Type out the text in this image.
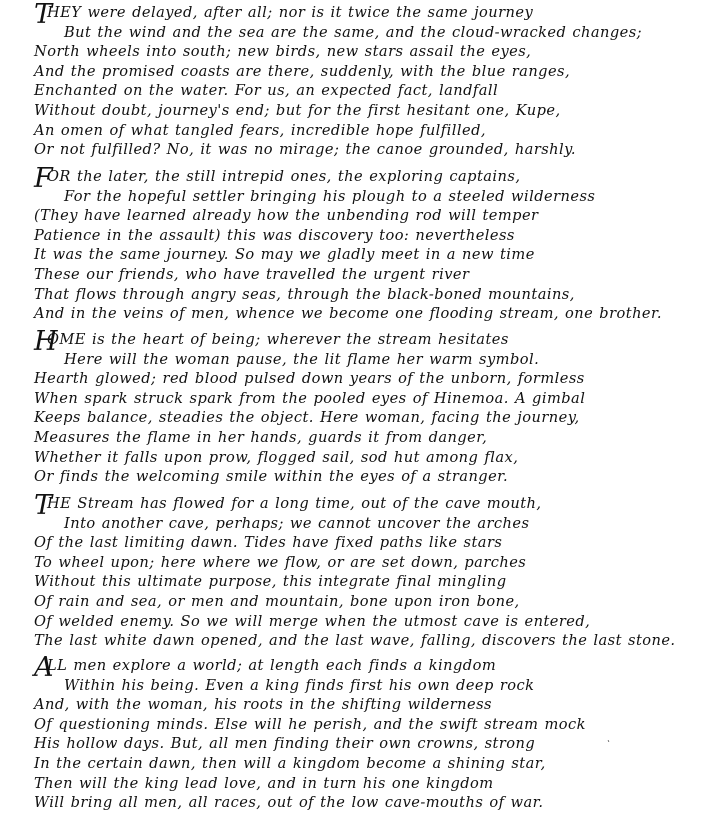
T
HEY were delayed, after all; nor is it twice the same journey
But the wind and the sea are the same, and the cloud-wracked changes;
North wheels into south; new birds, new stars assail the eyes,
And the promised coasts are there, suddenly, with the blue ranges,
Enchanted on the water. For us, an expected fact, landfall
Without doubt, journey's end; but for the first hesitant one, Kupe,
An omen of what tangled fears, incredible hope fulfilled,
Or not fulfilled? No, it was no mirage; the canoe grounded, harshly.
F
OR the later, the still intrepid ones, the exploring captains,
For the hopeful settler bringing his plough to a steeled wilderness
(They have learned already how the unbending rod will temper
Patience in the assault) this was discovery too: nevertheless
It was the same journey. So may we gladly meet in a new time
These our friends, who have travelled the urgent river
That flows through angry seas, through the black-boned mountains,
And in the veins of men, whence we become one flooding stream, one brother.
H
OME is the heart of being; wherever the stream hesitates
Here will the woman pause, the lit flame her warm symbol.
Hearth glowed; red blood pulsed down years of the unborn, formless
When spark struck spark from the pooled eyes of Hinemoa. A gimbal
Keeps balance, steadies the object. Here woman, facing the journey,
Measures the flame in her hands, guards it from danger,
Whether it falls upon prow, flogged sail, sod hut among flax,
Or finds the welcoming smile within the eyes of a stranger.
T
HE Stream has flowed for a long time, out of the cave mouth,
Into another cave, perhaps; we cannot uncover the arches
Of the last limiting dawn. Tides have fixed paths like stars
To wheel upon; here where we flow, or are set down, parches
Without this ultimate purpose, this integrate final mingling
Of rain and sea, or men and mountain, bone upon iron bone,
Of welded enemy. So we will merge when the utmost cave is entered,
The last white dawn opened, and the last wave, falling, discovers the last stone.
A
LL men explore a world; at length each finds a kingdom
Within his being. Even a king finds first his own deep rock
And, with the woman, his roots in the shifting wilderness
Of questioning minds. Else will he perish, and the swift stream mock
His hollow days. But, all men finding their own crowns, strong
In the certain dawn, then will a kingdom become a shining star,
Then will the king lead love, and in turn his one kingdom
Will bring all men, all races, out of the low cave-mouths of war.
`
